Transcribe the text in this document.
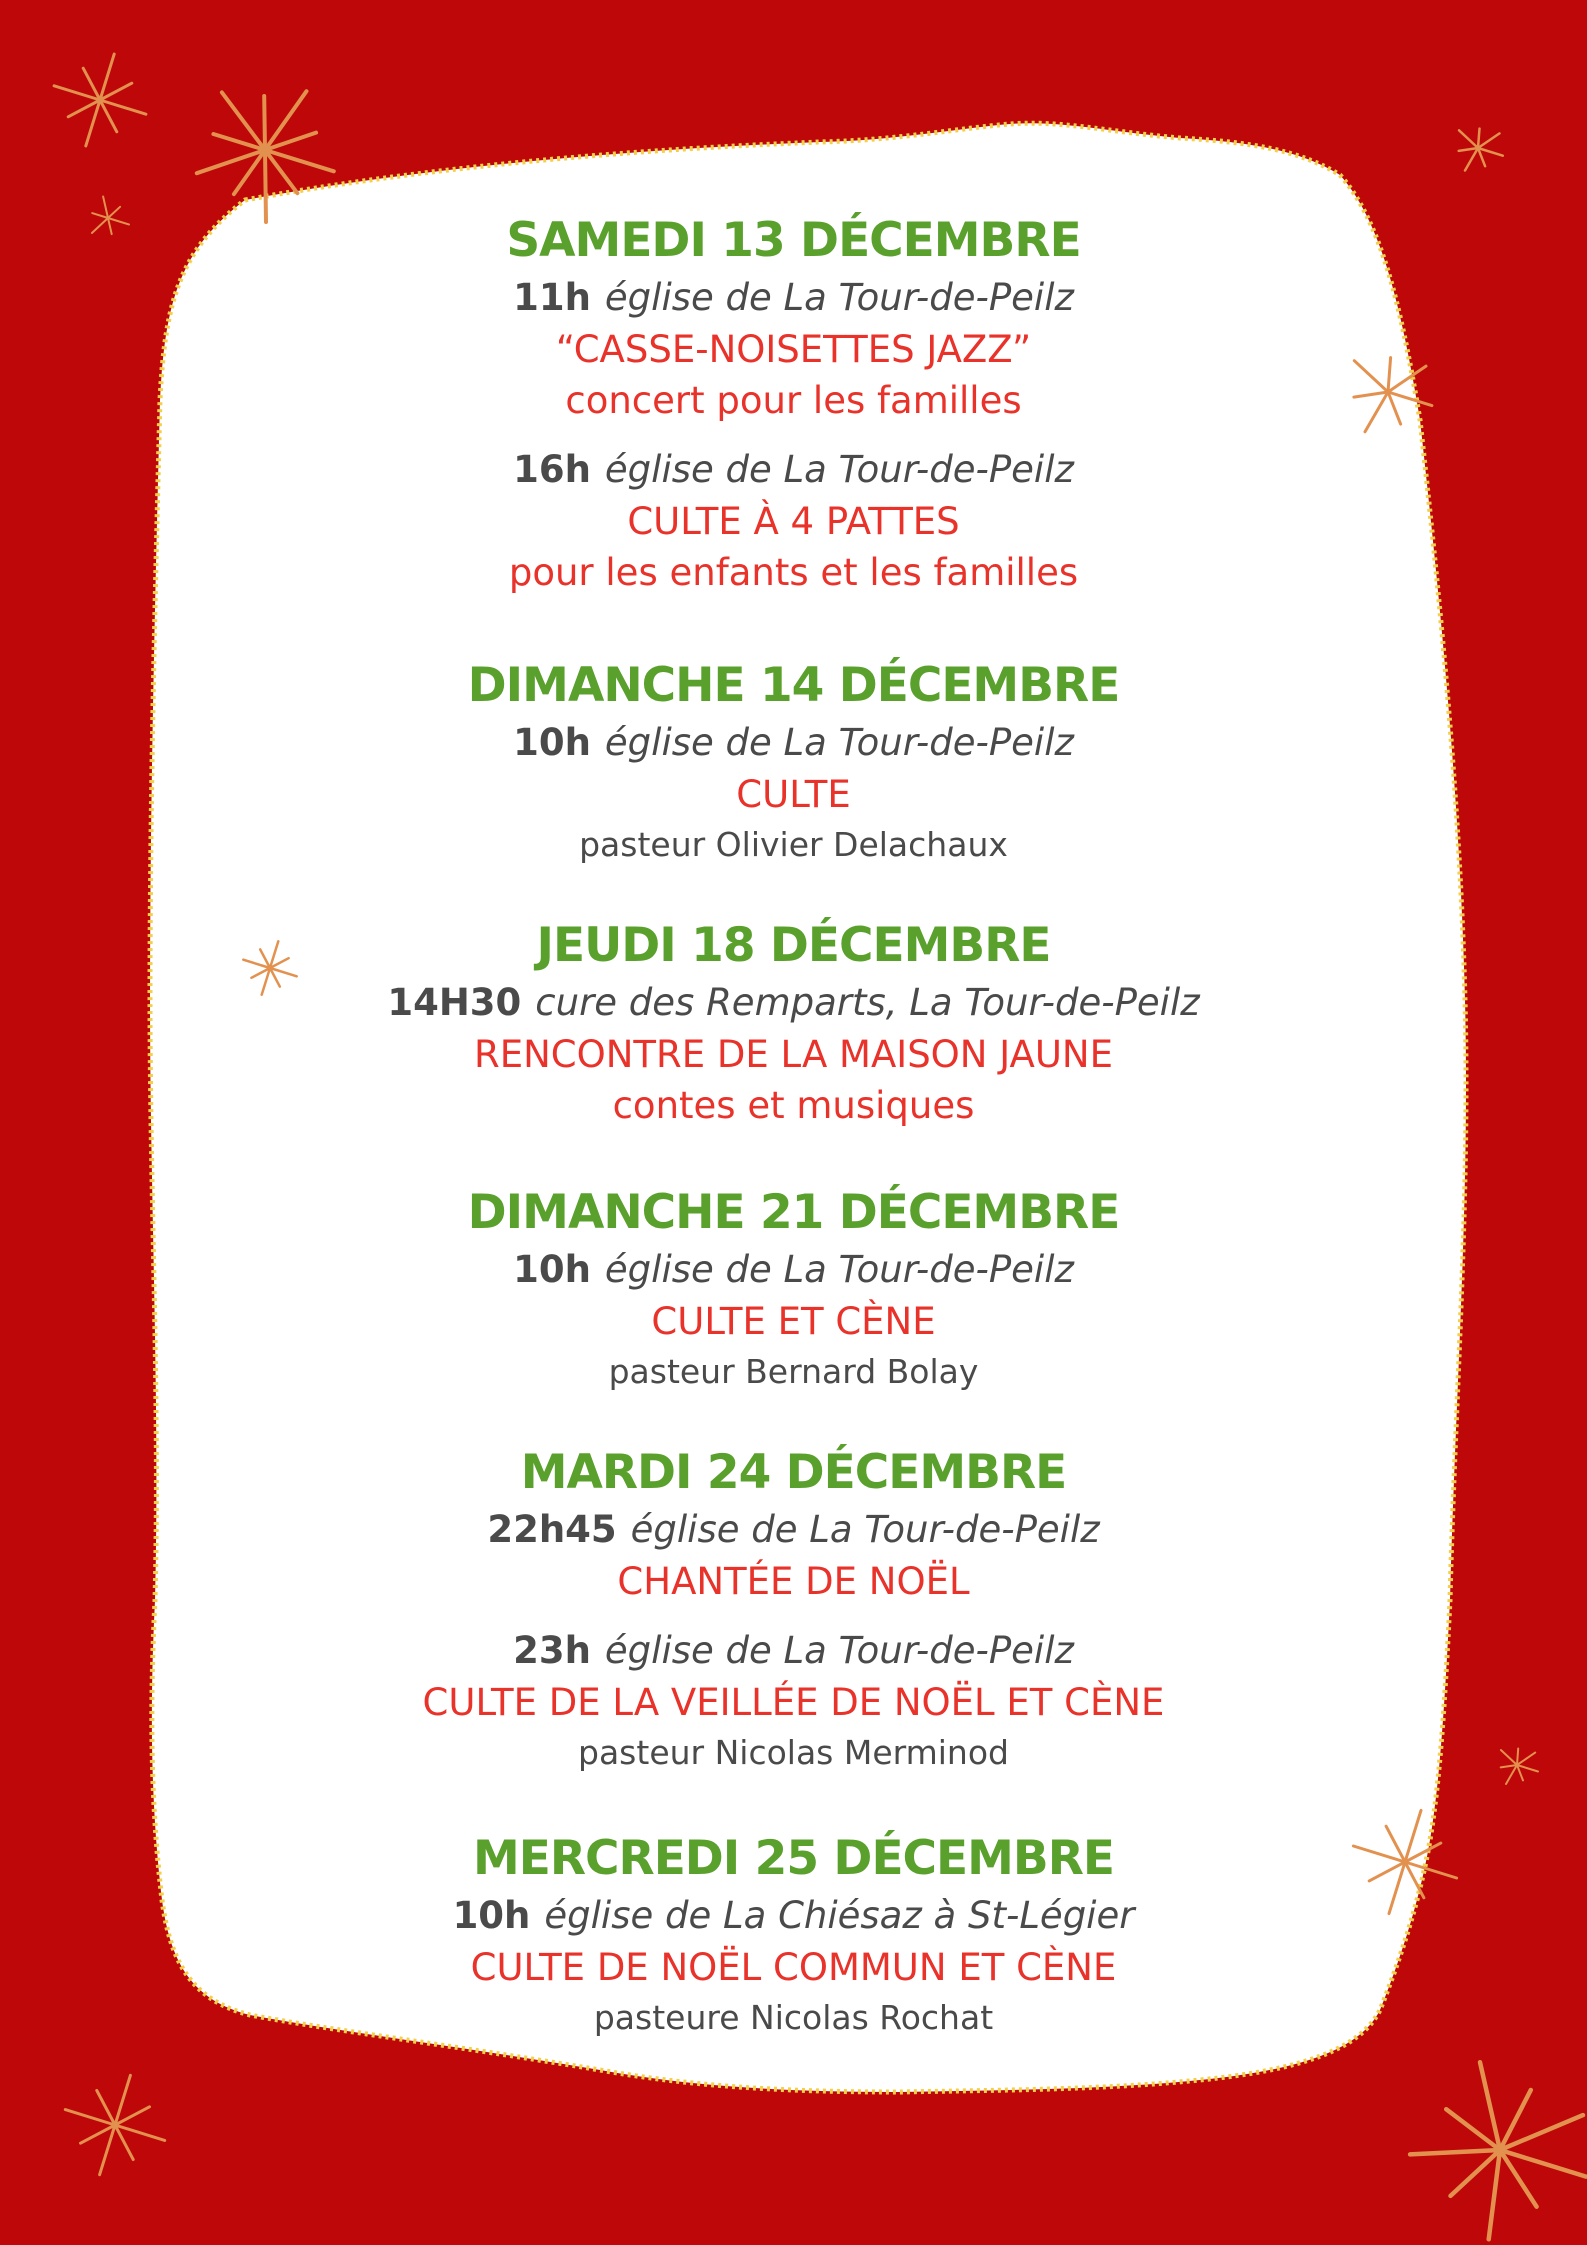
SAMEDI 13 DÉCEMBRE
11h église de La Tour-de-Peilz
“CASSE-NOISETTES JAZZ”
concert pour les familles
16h église de La Tour-de-Peilz
CULTE À 4 PATTES
pour les enfants et les familles
DIMANCHE 14 DÉCEMBRE
10h église de La Tour-de-Peilz
CULTE
pasteur Olivier Delachaux
JEUDI 18 DÉCEMBRE
14H30 cure des Remparts, La Tour-de-Peilz
RENCONTRE DE LA MAISON JAUNE
contes et musiques
DIMANCHE 21 DÉCEMBRE
10h église de La Tour-de-Peilz
CULTE ET CÈNE
pasteur Bernard Bolay
MARDI 24 DÉCEMBRE
22h45 église de La Tour-de-Peilz
CHANTÉE DE NOËL
23h église de La Tour-de-Peilz
CULTE DE LA VEILLÉE DE NOËL ET CÈNE
pasteur Nicolas Merminod
MERCREDI 25 DÉCEMBRE
10h église de La Chiésaz à St-Légier
CULTE DE NOËL COMMUN ET CÈNE
pasteure Nicolas Rochat
